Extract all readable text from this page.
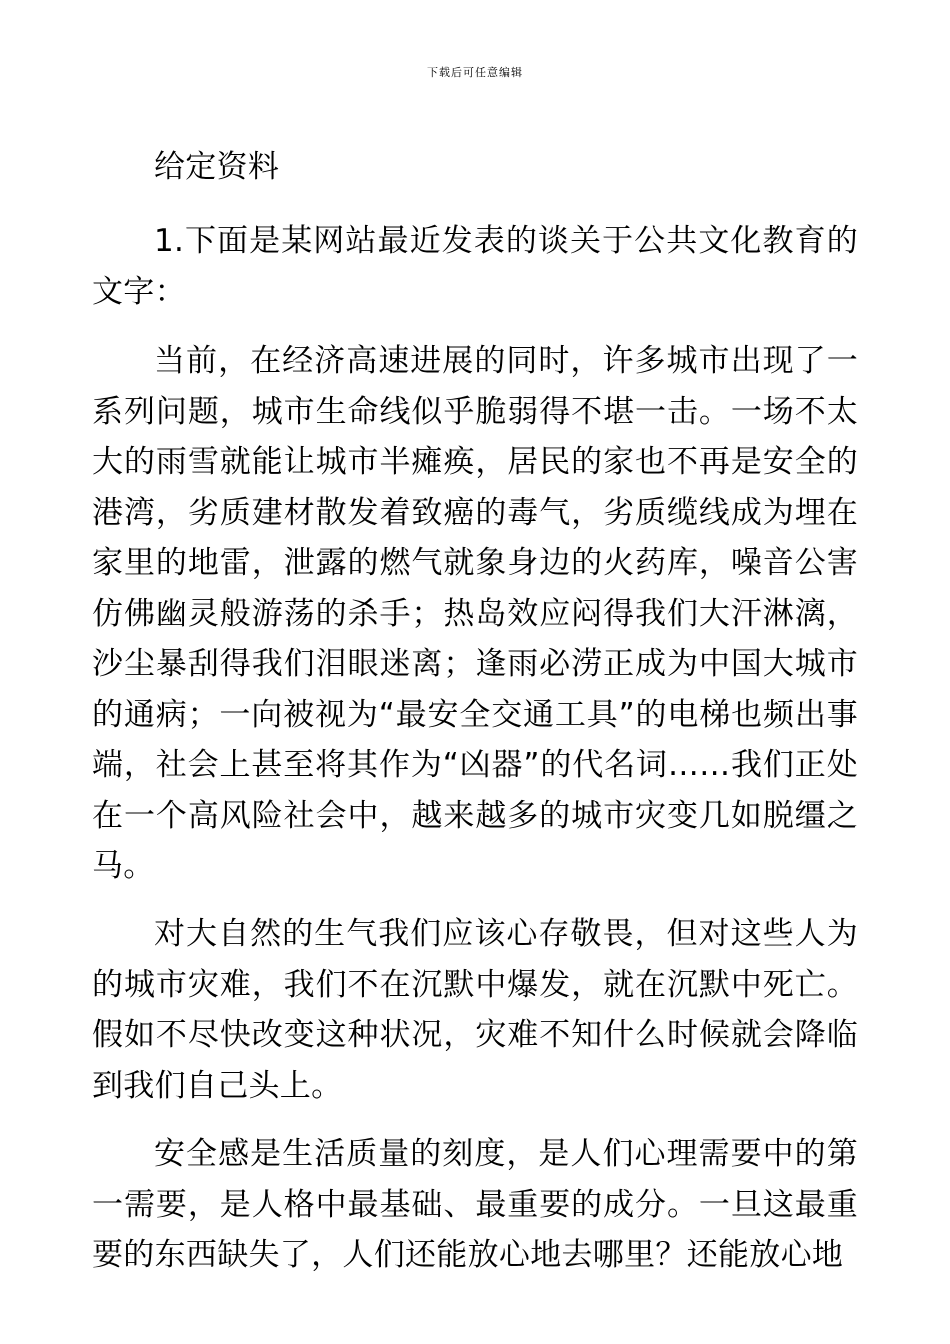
下载后可任意编辑

给定资料

1.下面是某网站最近发表的谈关于公共文化教育的文字：

当前，在经济高速进展的同时，许多城市出现了一系列问题，城市生命线似乎脆弱得不堪一击。一场不太大的雨雪就能让城市半瘫痪，居民的家也不再是安全的港湾，劣质建材散发着致癌的毒气，劣质缆线成为埋在家里的地雷，泄露的燃气就象身边的火药库，噪音公害仿佛幽灵般游荡的杀手；热岛效应闷得我们大汗淋漓，沙尘暴刮得我们泪眼迷离；逢雨必涝正成为中国大城市的通病；一向被视为“最安全交通工具”的电梯也频出事端，社会上甚至将其作为“凶器”的代名词……我们正处在一个高风险社会中，越来越多的城市灾变几如脱缰之马。

对大自然的生气我们应该心存敬畏，但对这些人为的城市灾难，我们不在沉默中爆发，就在沉默中死亡。假如不尽快改变这种状况，灾难不知什么时候就会降临到我们自己头上。

安全感是生活质量的刻度，是人们心理需要中的第一需要，是人格中最基础、最重要的成分。一旦这最重要的东西缺失了，人们还能放心地去哪里？还能放心地
